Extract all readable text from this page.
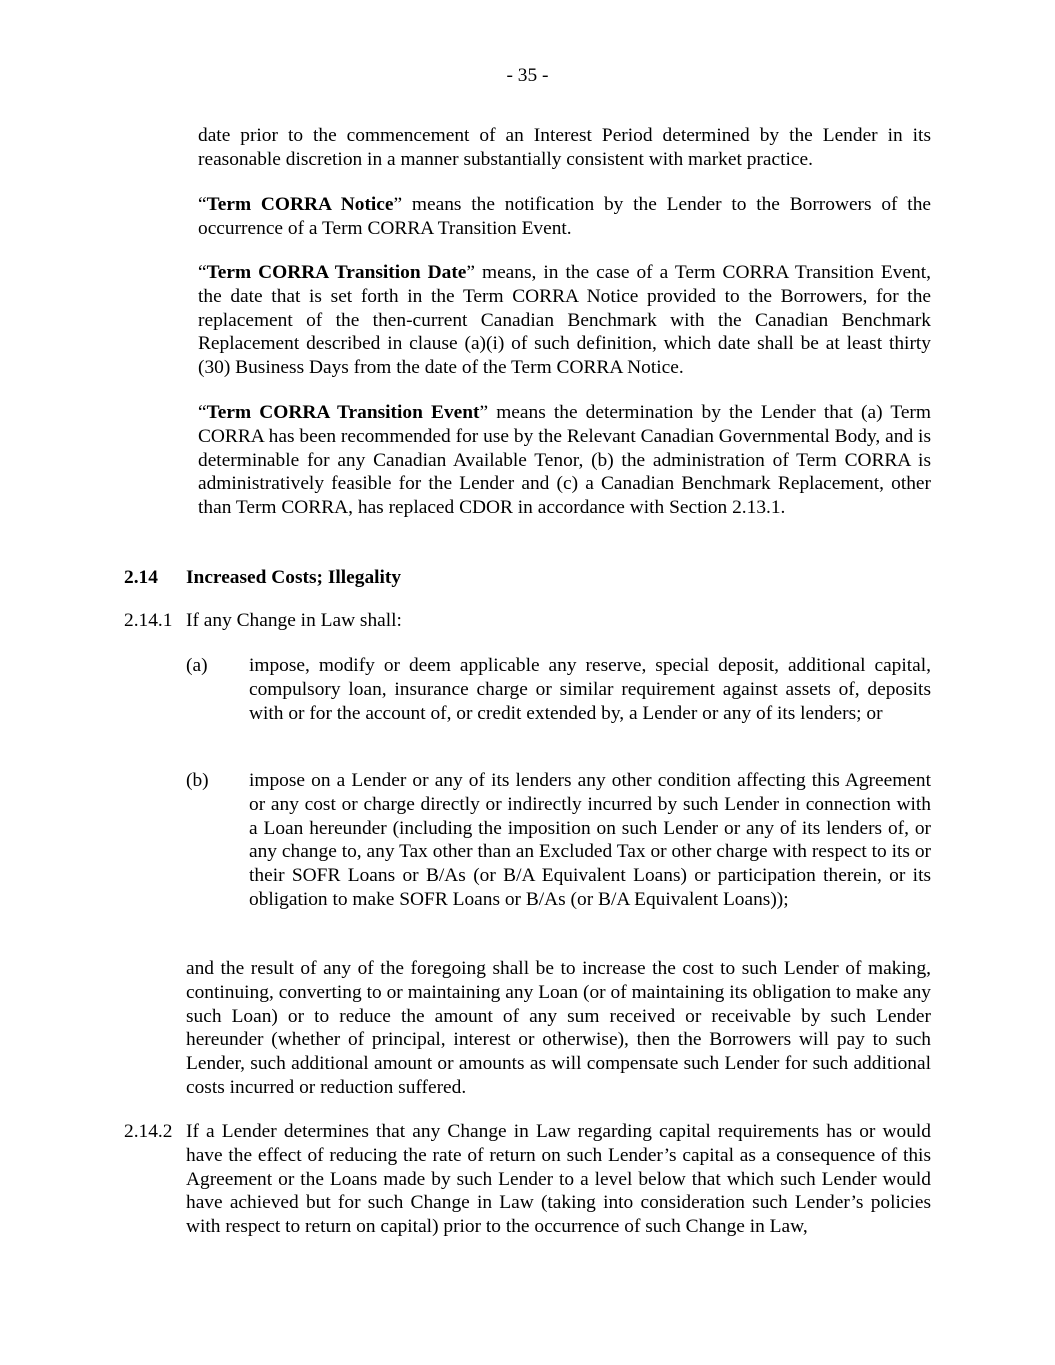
- 35 -

date prior to the commencement of an Interest Period determined by the Lender in its reasonable discretion in a manner substantially consistent with market practice.

“Term CORRA Notice” means the notification by the Lender to the Borrowers of the occurrence of a Term CORRA Transition Event.

“Term CORRA Transition Date” means, in the case of a Term CORRA Transition Event, the date that is set forth in the Term CORRA Notice provided to the Borrowers, for the replacement of the then-current Canadian Benchmark with the Canadian Benchmark Replacement described in clause (a)(i) of such definition, which date shall be at least thirty (30) Business Days from the date of the Term CORRA Notice.

“Term CORRA Transition Event” means the determination by the Lender that (a) Term CORRA has been recommended for use by the Relevant Canadian Governmental Body, and is determinable for any Canadian Available Tenor, (b) the administration of Term CORRA is administratively feasible for the Lender and (c) a Canadian Benchmark Replacement, other than Term CORRA, has replaced CDOR in accordance with Section 2.13.1.

2.14 Increased Costs; Illegality
2.14.1 If any Change in Law shall:
(a) impose, modify or deem applicable any reserve, special deposit, additional capital, compulsory loan, insurance charge or similar requirement against assets of, deposits with or for the account of, or credit extended by, a Lender or any of its lenders; or
(b) impose on a Lender or any of its lenders any other condition affecting this Agreement or any cost or charge directly or indirectly incurred by such Lender in connection with a Loan hereunder (including the imposition on such Lender or any of its lenders of, or any change to, any Tax other than an Excluded Tax or other charge with respect to its or their SOFR Loans or B/As (or B/A Equivalent Loans) or participation therein, or its obligation to make SOFR Loans or B/As (or B/A Equivalent Loans));

and the result of any of the foregoing shall be to increase the cost to such Lender of making, continuing, converting to or maintaining any Loan (or of maintaining its obligation to make any such Loan) or to reduce the amount of any sum received or receivable by such Lender hereunder (whether of principal, interest or otherwise), then the Borrowers will pay to such Lender, such additional amount or amounts as will compensate such Lender for such additional costs incurred or reduction suffered.

2.14.2 If a Lender determines that any Change in Law regarding capital requirements has or would have the effect of reducing the rate of return on such Lender’s capital as a consequence of this Agreement or the Loans made by such Lender to a level below that which such Lender would have achieved but for such Change in Law (taking into consideration such Lender’s policies with respect to return on capital) prior to the occurrence of such Change in Law,
